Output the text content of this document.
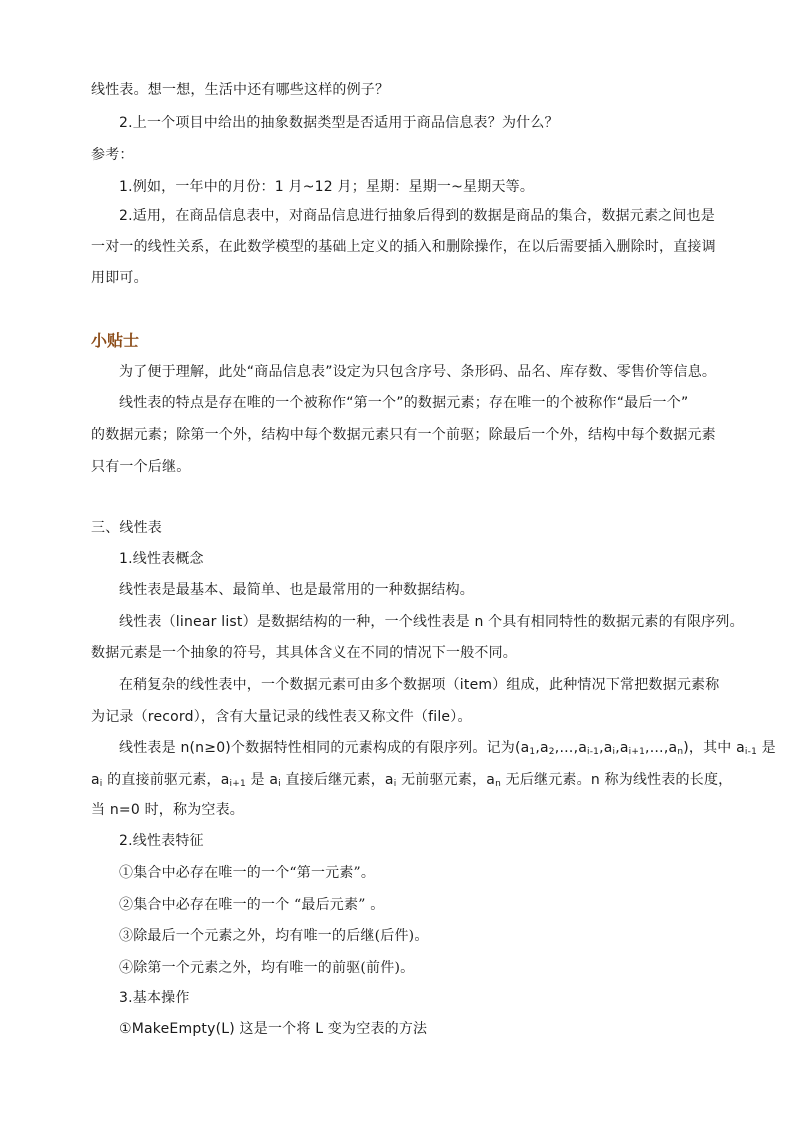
线性表。想一想，生活中还有哪些这样的例子？
2.上一个项目中给出的抽象数据类型是否适用于商品信息表？为什么？
参考：
1.例如，一年中的月份：1 月~12 月；星期：星期一~星期天等。
2.适用，在商品信息表中，对商品信息进行抽象后得到的数据是商品的集合，数据元素之间也是
一对一的线性关系，在此数学模型的基础上定义的插入和删除操作，在以后需要插入删除时，直接调
用即可。
小贴士
为了便于理解，此处“商品信息表”设定为只包含序号、条形码、品名、库存数、零售价等信息。
线性表的特点是存在唯的一个被称作“第一个”的数据元素；存在唯一的个被称作“最后一个”
的数据元素；除第一个外，结构中每个数据元素只有一个前驱；除最后一个外，结构中每个数据元素
只有一个后继。
三、线性表
1.线性表概念
线性表是最基本、最简单、也是最常用的一种数据结构。
线性表（linear list）是数据结构的一种，一个线性表是 n 个具有相同特性的数据元素的有限序列。
数据元素是一个抽象的符号，其具体含义在不同的情况下一般不同。
在稍复杂的线性表中，一个数据元素可由多个数据项（item）组成，此种情况下常把数据元素称
为记录（record），含有大量记录的线性表又称文件（file）。
线性表是 n(n≥0)个数据特性相同的元素构成的有限序列。记为$(a_1,a_2,\dots,a_{i-1},a_i,a_{i+1},\dots,a_n)$，其中 $a_{i-1}$ 是
$a_i$ 的直接前驱元素，$a_{i+1}$ 是 $a_i$ 直接后继元素，$a_i$ 无前驱元素，$a_n$ 无后继元素。n 称为线性表的长度，
当 n=0 时，称为空表。
2.线性表特征
①集合中必存在唯一的一个“第一元素”。
②集合中必存在唯一的一个 “最后元素” 。
③除最后一个元素之外，均有唯一的后继(后件)。
④除第一个元素之外，均有唯一的前驱(前件)。
3.基本操作
①MakeEmpty(L) 这是一个将 L 变为空表的方法
